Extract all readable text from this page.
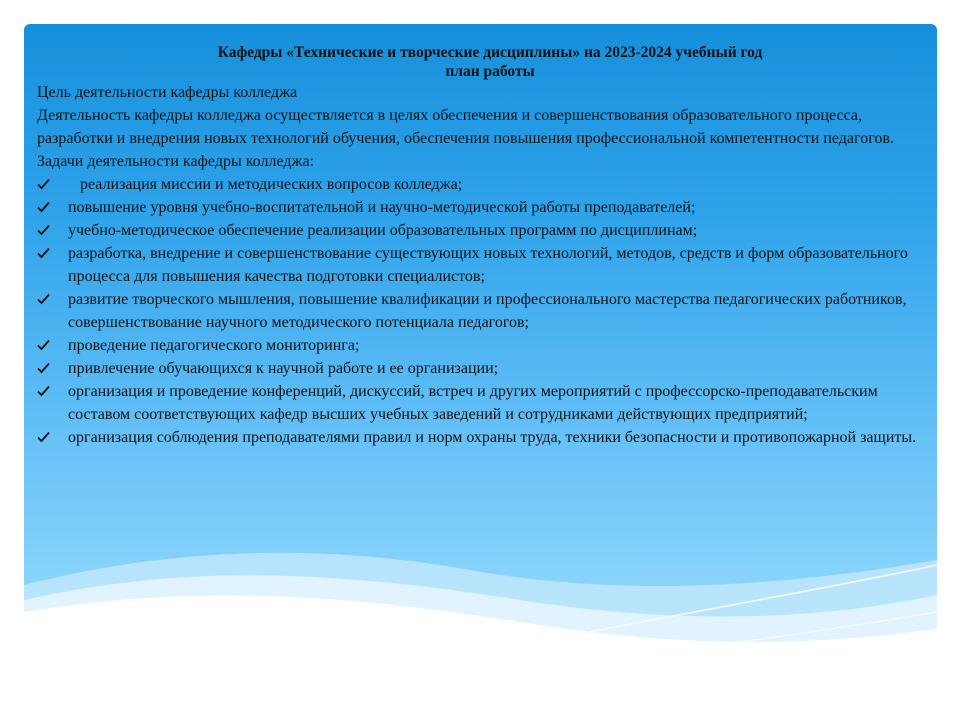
Кафедры «Технические и творческие дисциплины» на 2023-2024 учебный год
план работы

Цель деятельности кафедры колледжа

Деятельность кафедры колледжа осуществляется в целях обеспечения и совершенствования образовательного процесса, разработки и внедрения новых технологий обучения, обеспечения повышения профессиональной компетентности педагогов.

Задачи деятельности кафедры колледжа:

реализация миссии и методических вопросов колледжа;
повышение уровня учебно-воспитательной и научно-методической работы преподавателей;
учебно-методическое обеспечение реализации образовательных программ по дисциплинам;
разработка, внедрение и совершенствование существующих новых технологий, методов, средств и форм образовательного процесса для повышения качества подготовки специалистов;
развитие творческого мышления, повышение квалификации и профессионального мастерства педагогических работников, совершенствование научного методического потенциала педагогов;
проведение педагогического мониторинга;
привлечение обучающихся к научной работе и ее организации;
организация и проведение конференций, дискуссий, встреч и других мероприятий с профессорско-преподавательским составом соответствующих кафедр высших учебных заведений и сотрудниками действующих предприятий;
организация соблюдения преподавателями правил и норм охраны труда, техники безопасности и противопожарной защиты.
